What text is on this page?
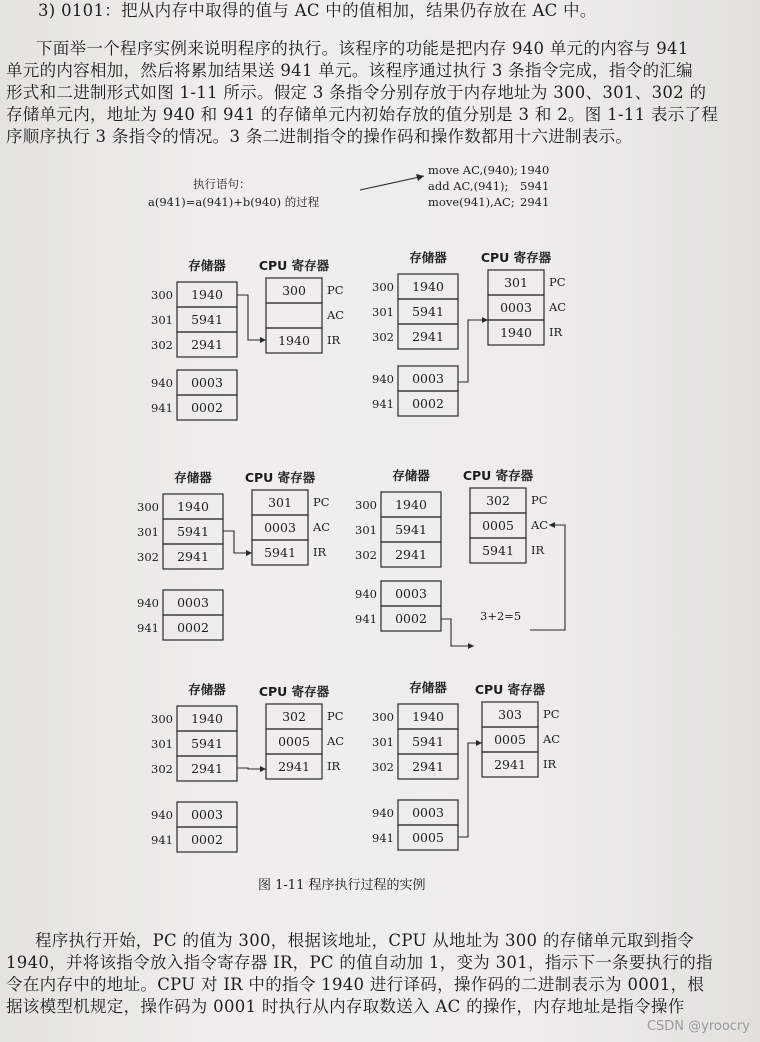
3) 0101：把从内存中取得的值与 AC 中的值相加，结果仍存放在 AC 中。
下面举一个程序实例来说明程序的执行。该程序的功能是把内存 940 单元的内容与 941
单元的内容相加，然后将累加结果送 941 单元。该程序通过执行 3 条指令完成，指令的汇编
形式和二进制形式如图 1-11 所示。假定 3 条指令分别存放于内存地址为 300、301、302 的
存储单元内，地址为 940 和 941 的存储单元内初始存放的值分别是 3 和 2。图 1-11 表示了程
序顺序执行 3 条指令的情况。3 条二进制指令的操作码和操作数都用十六进制表示。
执行语句：
a(941)=a(941)+b(940) 的过程
move AC,(940); 1940
add AC,(941); 5941
move(941),AC; 2941
存储器	CPU 寄存器
300 1940
301 5941
302 2941
940 0003
941 0002
300 PC
AC
1940 IR
存储器	CPU 寄存器
300 1940
301 5941
302 2941
940 0003
941 0002
301 PC
0003 AC
1940 IR
存储器	CPU 寄存器
300 1940
301 5941
302 2941
940 0003
941 0002
301 PC
0003 AC
5941 IR
存储器	CPU 寄存器
300 1940
301 5941
302 2941
940 0003
941 0002
302 PC
0005 AC
5941 IR
存储器	CPU 寄存器
300 1940
301 5941
302 2941
940 0003
941 0002
302 PC
0005 AC
2941 IR
存储器 CPU 寄存器
300 1940
301 5941
302 2941
940 0003
941 0005
303 PC
0005 AC
2941 IR
3+2=5
图 1-11 程序执行过程的实例
程序执行开始，PC 的值为 300，根据该地址，CPU 从地址为 300 的存储单元取到指令
1940，并将该指令放入指令寄存器 IR，PC 的值自动加 1，变为 301，指示下一条要执行的指
令在内存中的地址。CPU 对 IR 中的指令 1940 进行译码，操作码的二进制表示为 0001，根
据该模型机规定，操作码为 0001 时执行从内存取数送入 AC 的操作，内存地址是指令操作
CSDN @yroocry
